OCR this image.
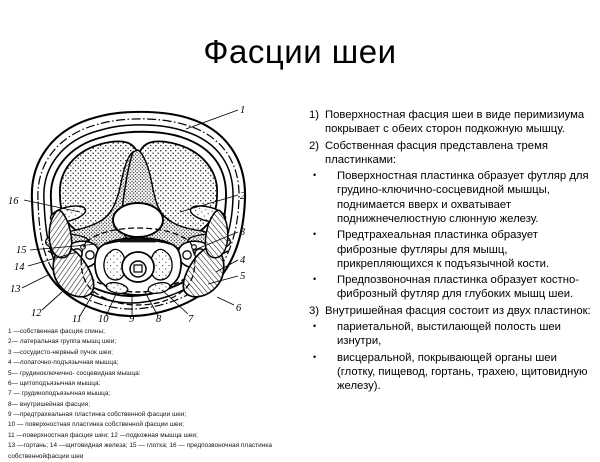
Фасции шеи
1
2
3
4
5
6
7
8
9
10
11
12
13
14
15
16
1 —собственная фасция спины;
2— латеральная группа мышц шеи;
3 —сосудисто-нервный пучок шеи;
4 —лопаточно-подъязычная мышца;
5— грудиноключично- сосцевидная мышца:
6— щитоподъязычная мышца;
7 — грудиноподъязычная мышца;
8— внутришейная фасция;
9 —предтрахеальная пластинка собственной фасции шеи;
10 — поверхностная пластинка собственной фасции шеи;
11 —поверхностная фасция шеи; 12 —подкожная мышца шеи;
13 —гортань; 14 —щитовидная железа; 15 — глотка; 16 — предпозвоночная пластинка собственнойфасции шеи
1) Поверхностная фасция шеи в виде перимизиума покрывает с обеих сторон подкожную мышцу.
2) Собственная фасция представлена тремя пластинками:
•	Поверхностная пластинка образует футляр для грудино-ключично-сосцевидной мышцы, поднимается вверх и охватывает поднижнечелюстную слюнную железу.
•	Предтрахеальная пластинка образует фиброзные футляры для мышц, прикрепляющихся к подъязычной кости.
•	Предпозвоночная пластинка образует костно-фиброзный футляр для глубоких мышц шеи.
3) Внутришейная фасция состоит из двух пластинок:
•	париетальной, выстилающей полость шеи изнутри,
•	висцеральной, покрывающей органы шеи (глотку, пищевод, гортань, трахею, щитовидную железу).
